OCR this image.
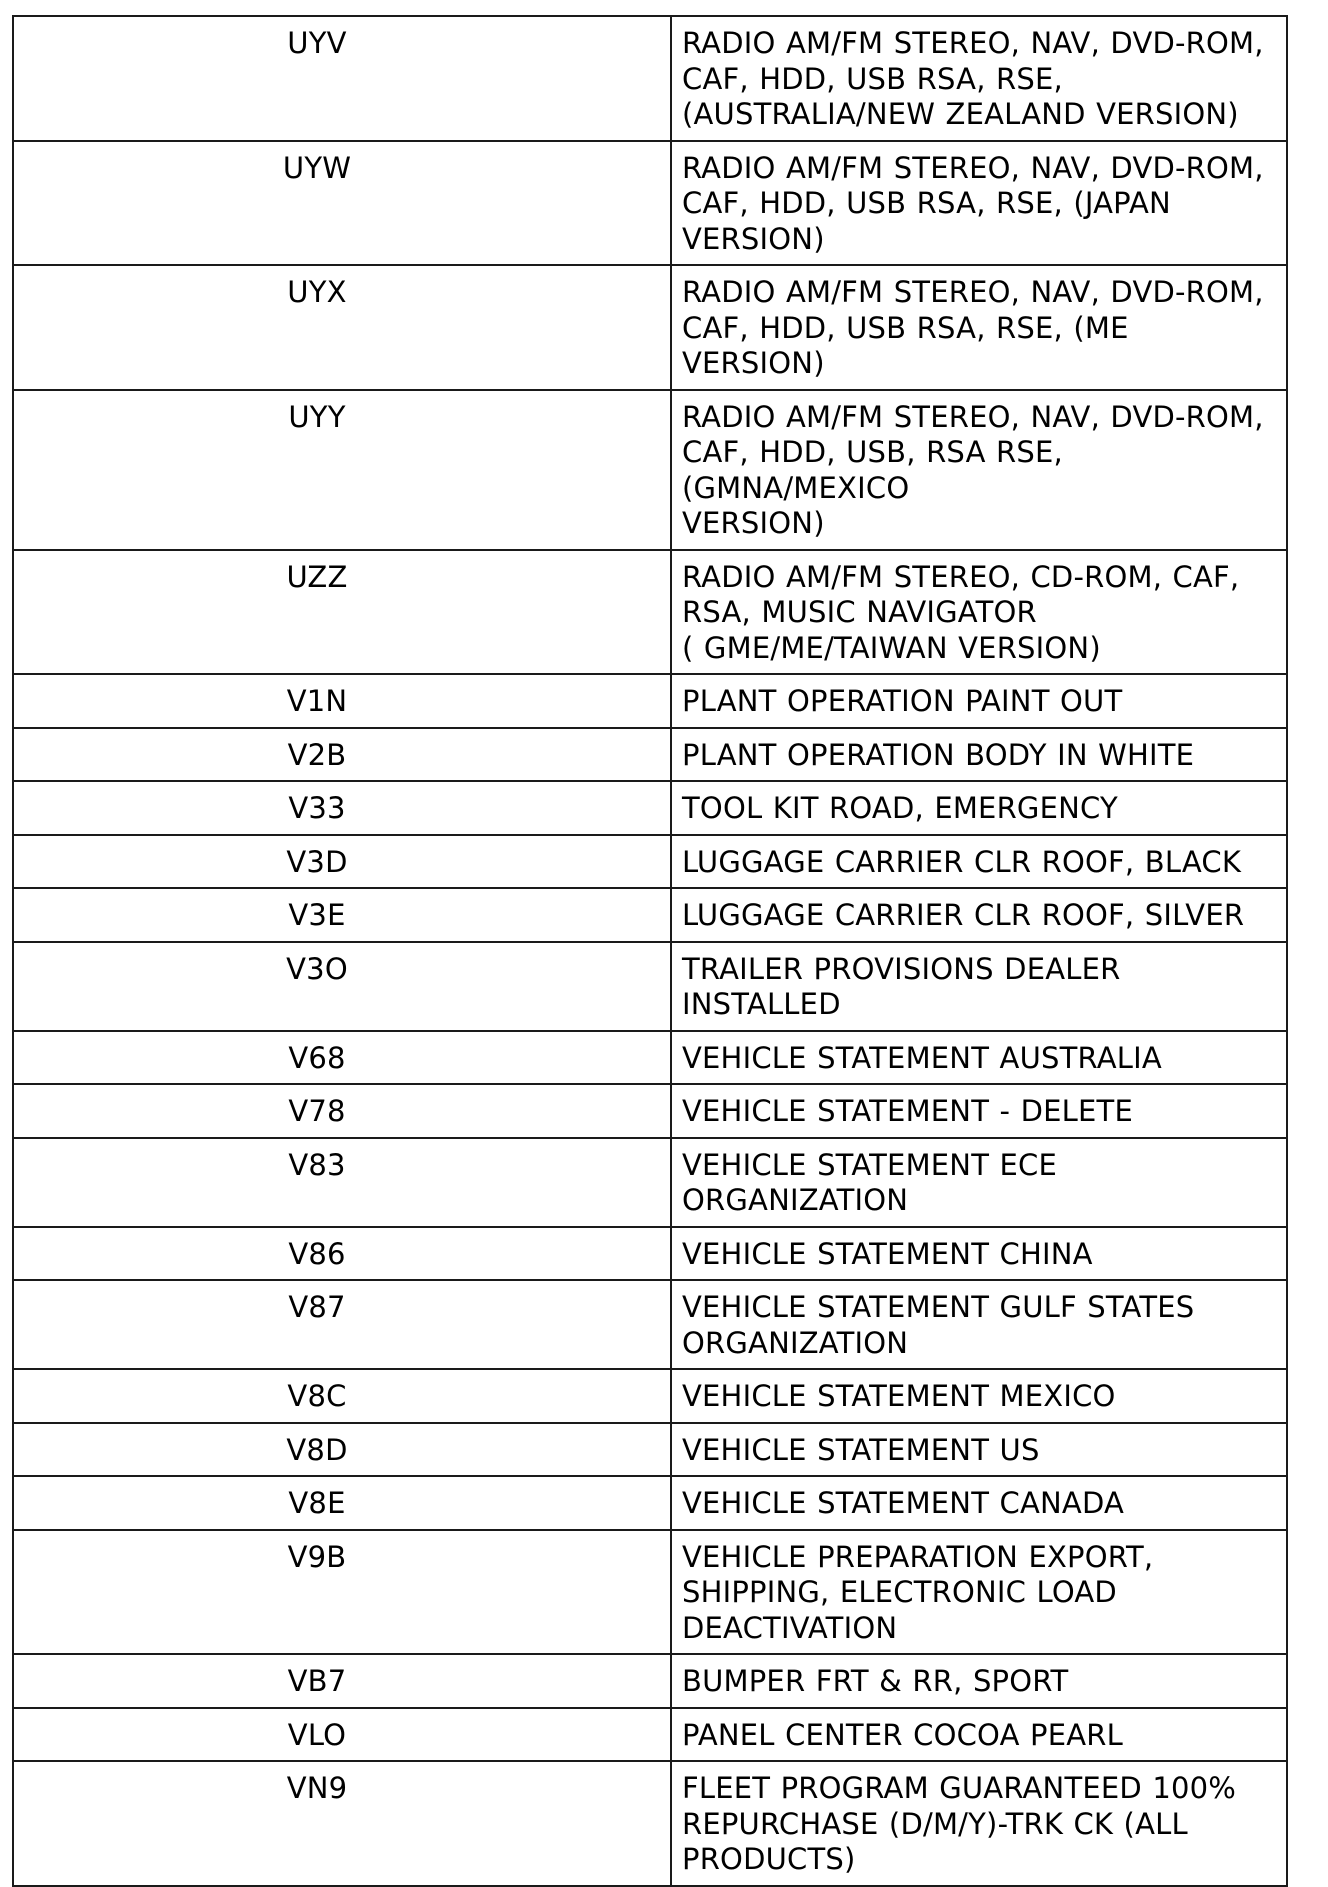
UYV	RADIO AM/FM STEREO, NAV, DVD-ROM,
CAF, HDD, USB RSA, RSE,
(AUSTRALIA/NEW ZEALAND VERSION)
UYW	RADIO AM/FM STEREO, NAV, DVD-ROM,
CAF, HDD, USB RSA, RSE, (JAPAN
VERSION)
UYX	RADIO AM/FM STEREO, NAV, DVD-ROM,
CAF, HDD, USB RSA, RSE, (ME VERSION)
UYY	RADIO AM/FM STEREO, NAV, DVD-ROM,
CAF, HDD, USB, RSA RSE, (GMNA/MEXICO
VERSION)
UZZ	RADIO AM/FM STEREO, CD-ROM, CAF,
RSA, MUSIC NAVIGATOR
( GME/ME/TAIWAN VERSION)
V1N	PLANT OPERATION PAINT OUT
V2B	PLANT OPERATION BODY IN WHITE
V33	TOOL KIT ROAD, EMERGENCY
V3D	LUGGAGE CARRIER CLR ROOF, BLACK
V3E	LUGGAGE CARRIER CLR ROOF, SILVER
V3O	TRAILER PROVISIONS DEALER INSTALLED

V68	VEHICLE STATEMENT AUSTRALIA
V78	VEHICLE STATEMENT - DELETE
V83	VEHICLE STATEMENT ECE ORGANIZATION

V86	VEHICLE STATEMENT CHINA
V87	VEHICLE STATEMENT GULF STATES
ORGANIZATION
V8C	VEHICLE STATEMENT MEXICO
V8D	VEHICLE STATEMENT US
V8E	VEHICLE STATEMENT CANADA
V9B	VEHICLE PREPARATION EXPORT,
SHIPPING, ELECTRONIC LOAD
DEACTIVATION
VB7	BUMPER FRT & RR, SPORT
VLO	PANEL CENTER COCOA PEARL
VN9	FLEET PROGRAM GUARANTEED 100%
REPURCHASE (D/M/Y)-TRK CK (ALL
PRODUCTS)
